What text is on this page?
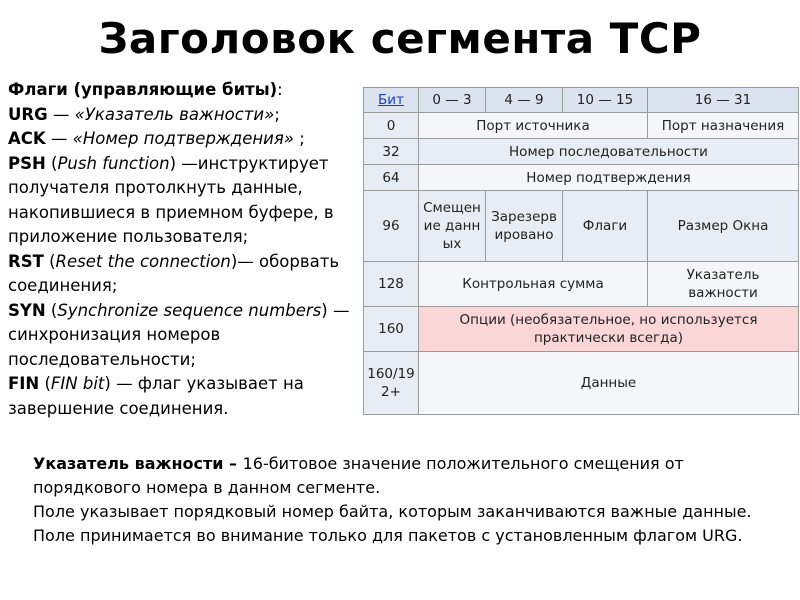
Заголовок сегмента TCP
Флаги (управляющие биты):
URG — «Указатель важности»;
ACK — «Номер подтверждения» ;
PSH (Push function) —инструктирует получателя протолкнуть данные, накопившиеся в приемном буфере, в приложение пользователя;
RST (Reset the connection)— оборвать соединения;
SYN (Synchronize sequence numbers) — синхронизация номеров последовательности;
FIN (FIN bit) — флаг указывает на завершение соединения.
Бит	0 — 3	4 — 9	10 — 15	16 — 31
0	Порт источника			Порт назначения
32	Номер последовательности			
64	Номер подтверждения			
96	Смещение данных	Зарезервировано	Флаги	Размер Окна
128	Контрольная сумма			Указатель важности
160	Опции (необязательное, но используется практически всегда)			
160/192+	Данные			
Указатель важности – 16-битовое значение положительного смещения от порядкового номера в данном сегменте.
Поле указывает порядковый номер байта, которым заканчиваются важные данные. Поле принимается во внимание только для пакетов с установленным флагом URG.
